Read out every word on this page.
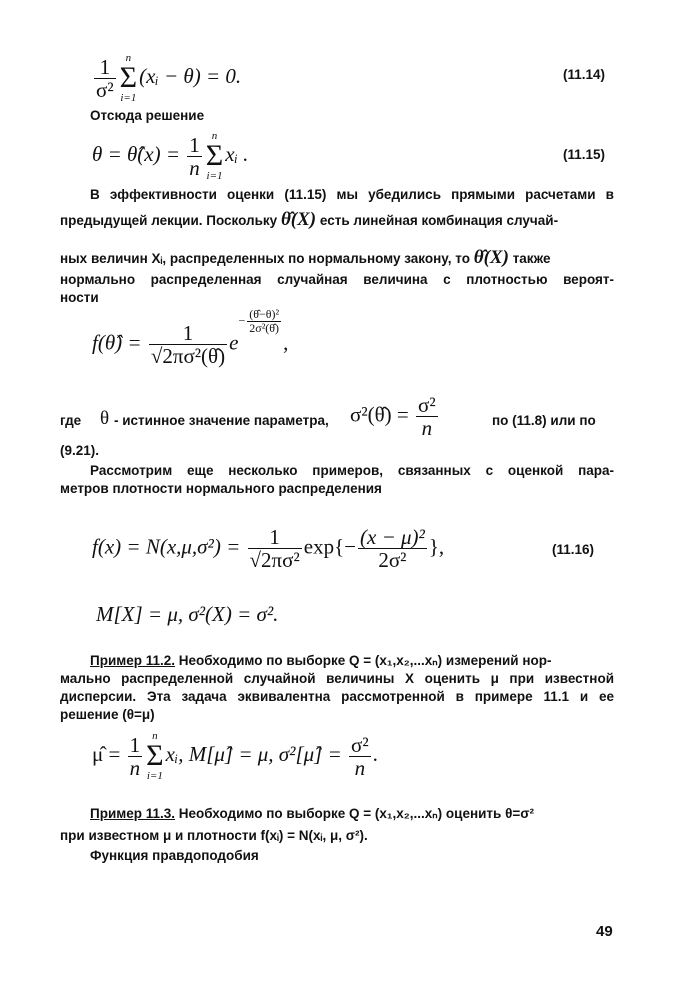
$\frac{1}{\text{σ²}}$ n
Σ
i=1
(xᵢ − θ) = 0.	(11.14)
Отсюда решение
θ = θ̂(x) = $\frac{1}{n}$ n
Σ
i=1
xᵢ .	(11.15)
В эффективности оценки (11.15) мы убедились прямыми расчетами в
предыдущей лекции. Поскольку θ̂(X) есть линейная комбинация случай-
ных величин Xᵢ, распределенных по нормальному закону, то θ̂(X) также
нормально распределенная случайная величина с плотностью вероят-
ности
f(θ̂) = $\frac{1}{\text{√2πσ²(θ̂)}} e- \frac{\text{(θ̂−θ)²}}{\text{2σ²(θ̂)}}$
,
где θ - истинное значение параметра, σ²(θ̂) = $\frac{\text{σ²}}{n}$	по (11.8) или по
(9.21).
Рассмотрим еще несколько примеров, связанных с оценкой пара-
метров плотности нормального распределения
$f(x) = N(x,\mu,\sigma^2) = \frac{1}{\text{√2πσ²}} \exp\{- \frac{\text{(x − μ)²}}{\text{2σ²}}$ },	(11.16)
M[X] = μ, σ²(X) = σ².
Пример 11.2. Необходимо по выборке Q = (x₁,x₂,...xₙ) измерений нор-
мально распределенной случайной величины X оценить μ при известной
дисперсии. Эта задача эквивалентна рассмотренной в примере 11.1 и ее
решение (θ=μ)
μ̂ = $\frac{1}{n}$ n
Σ
i=1
xᵢ, M[μ̂] = μ, σ²[μ̂] = $\frac{\text{σ²}}{n}$ .
Пример 11.3. Необходимо по выборке Q = (x₁,x₂,...xₙ) оценить θ=σ²
при известном μ и плотности f(xᵢ) = N(xᵢ, μ, σ²).
Функция правдоподобия
49
